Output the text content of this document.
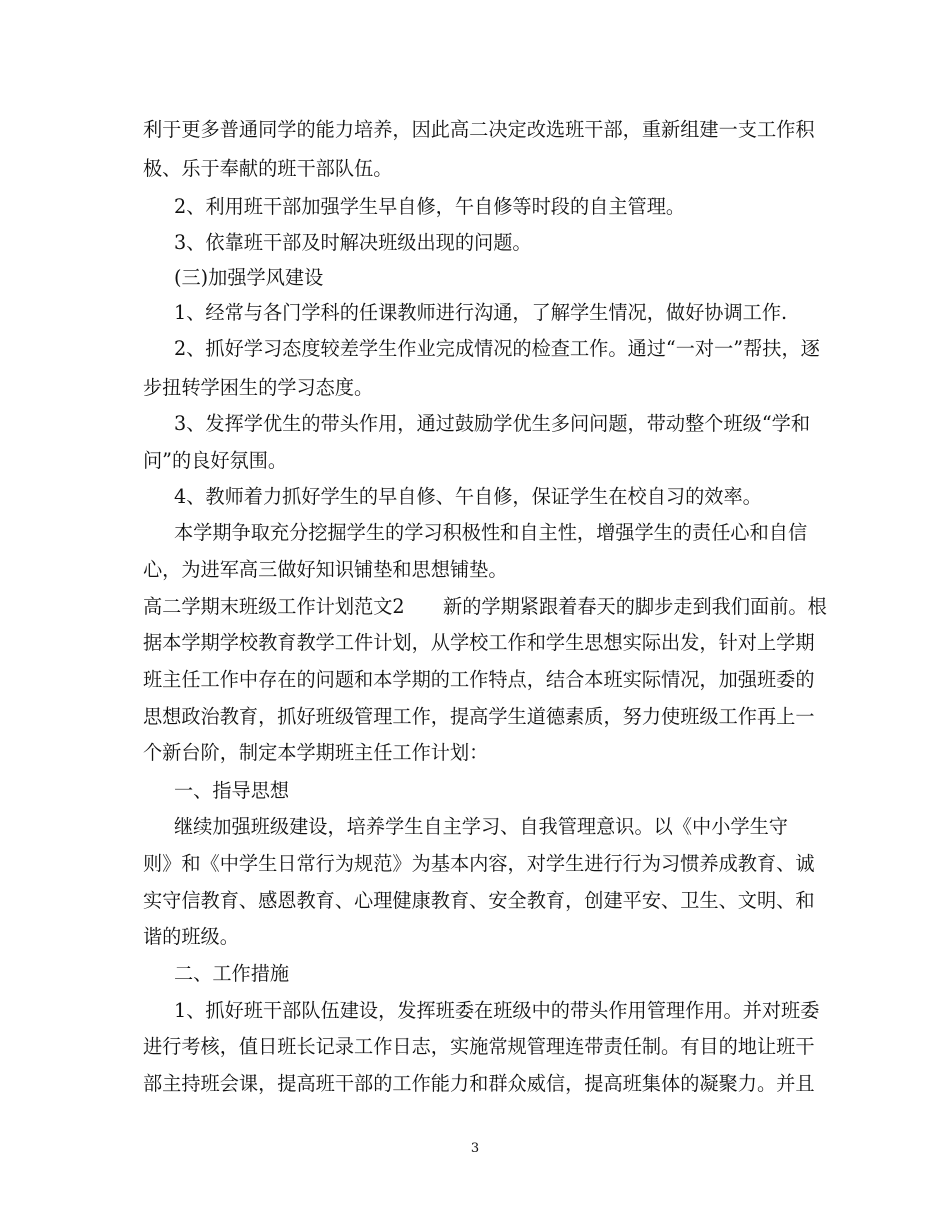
利于更多普通同学的能力培养，因此高二决定改选班干部，重新组建一支工作积
极、乐于奉献的班干部队伍。
2、利用班干部加强学生早自修，午自修等时段的自主管理。
3、依靠班干部及时解决班级出现的问题。
(三)加强学风建设
1、经常与各门学科的任课教师进行沟通，了解学生情况，做好协调工作.
2、抓好学习态度较差学生作业完成情况的检查工作。通过“一对一”帮扶，逐
步扭转学困生的学习态度。
3、发挥学优生的带头作用，通过鼓励学优生多问问题，带动整个班级“学和
问”的良好氛围。
4、教师着力抓好学生的早自修、午自修，保证学生在校自习的效率。
本学期争取充分挖掘学生的学习积极性和自主性，增强学生的责任心和自信
心，为进军高三做好知识铺垫和思想铺垫。
高二学期末班级工作计划范文2　　新的学期紧跟着春天的脚步走到我们面前。根
据本学期学校教育教学工件计划，从学校工作和学生思想实际出发，针对上学期
班主任工作中存在的问题和本学期的工作特点，结合本班实际情况，加强班委的
思想政治教育，抓好班级管理工作，提高学生道德素质，努力使班级工作再上一
个新台阶，制定本学期班主任工作计划：
一、指导思想
继续加强班级建设，培养学生自主学习、自我管理意识。以《中小学生守
则》和《中学生日常行为规范》为基本内容，对学生进行行为习惯养成教育、诚
实守信教育、感恩教育、心理健康教育、安全教育，创建平安、卫生、文明、和
谐的班级。
二、工作措施
1、抓好班干部队伍建设，发挥班委在班级中的带头作用管理作用。并对班委
进行考核，值日班长记录工作日志，实施常规管理连带责任制。有目的地让班干
部主持班会课，提高班干部的工作能力和群众威信，提高班集体的凝聚力。并且
3
